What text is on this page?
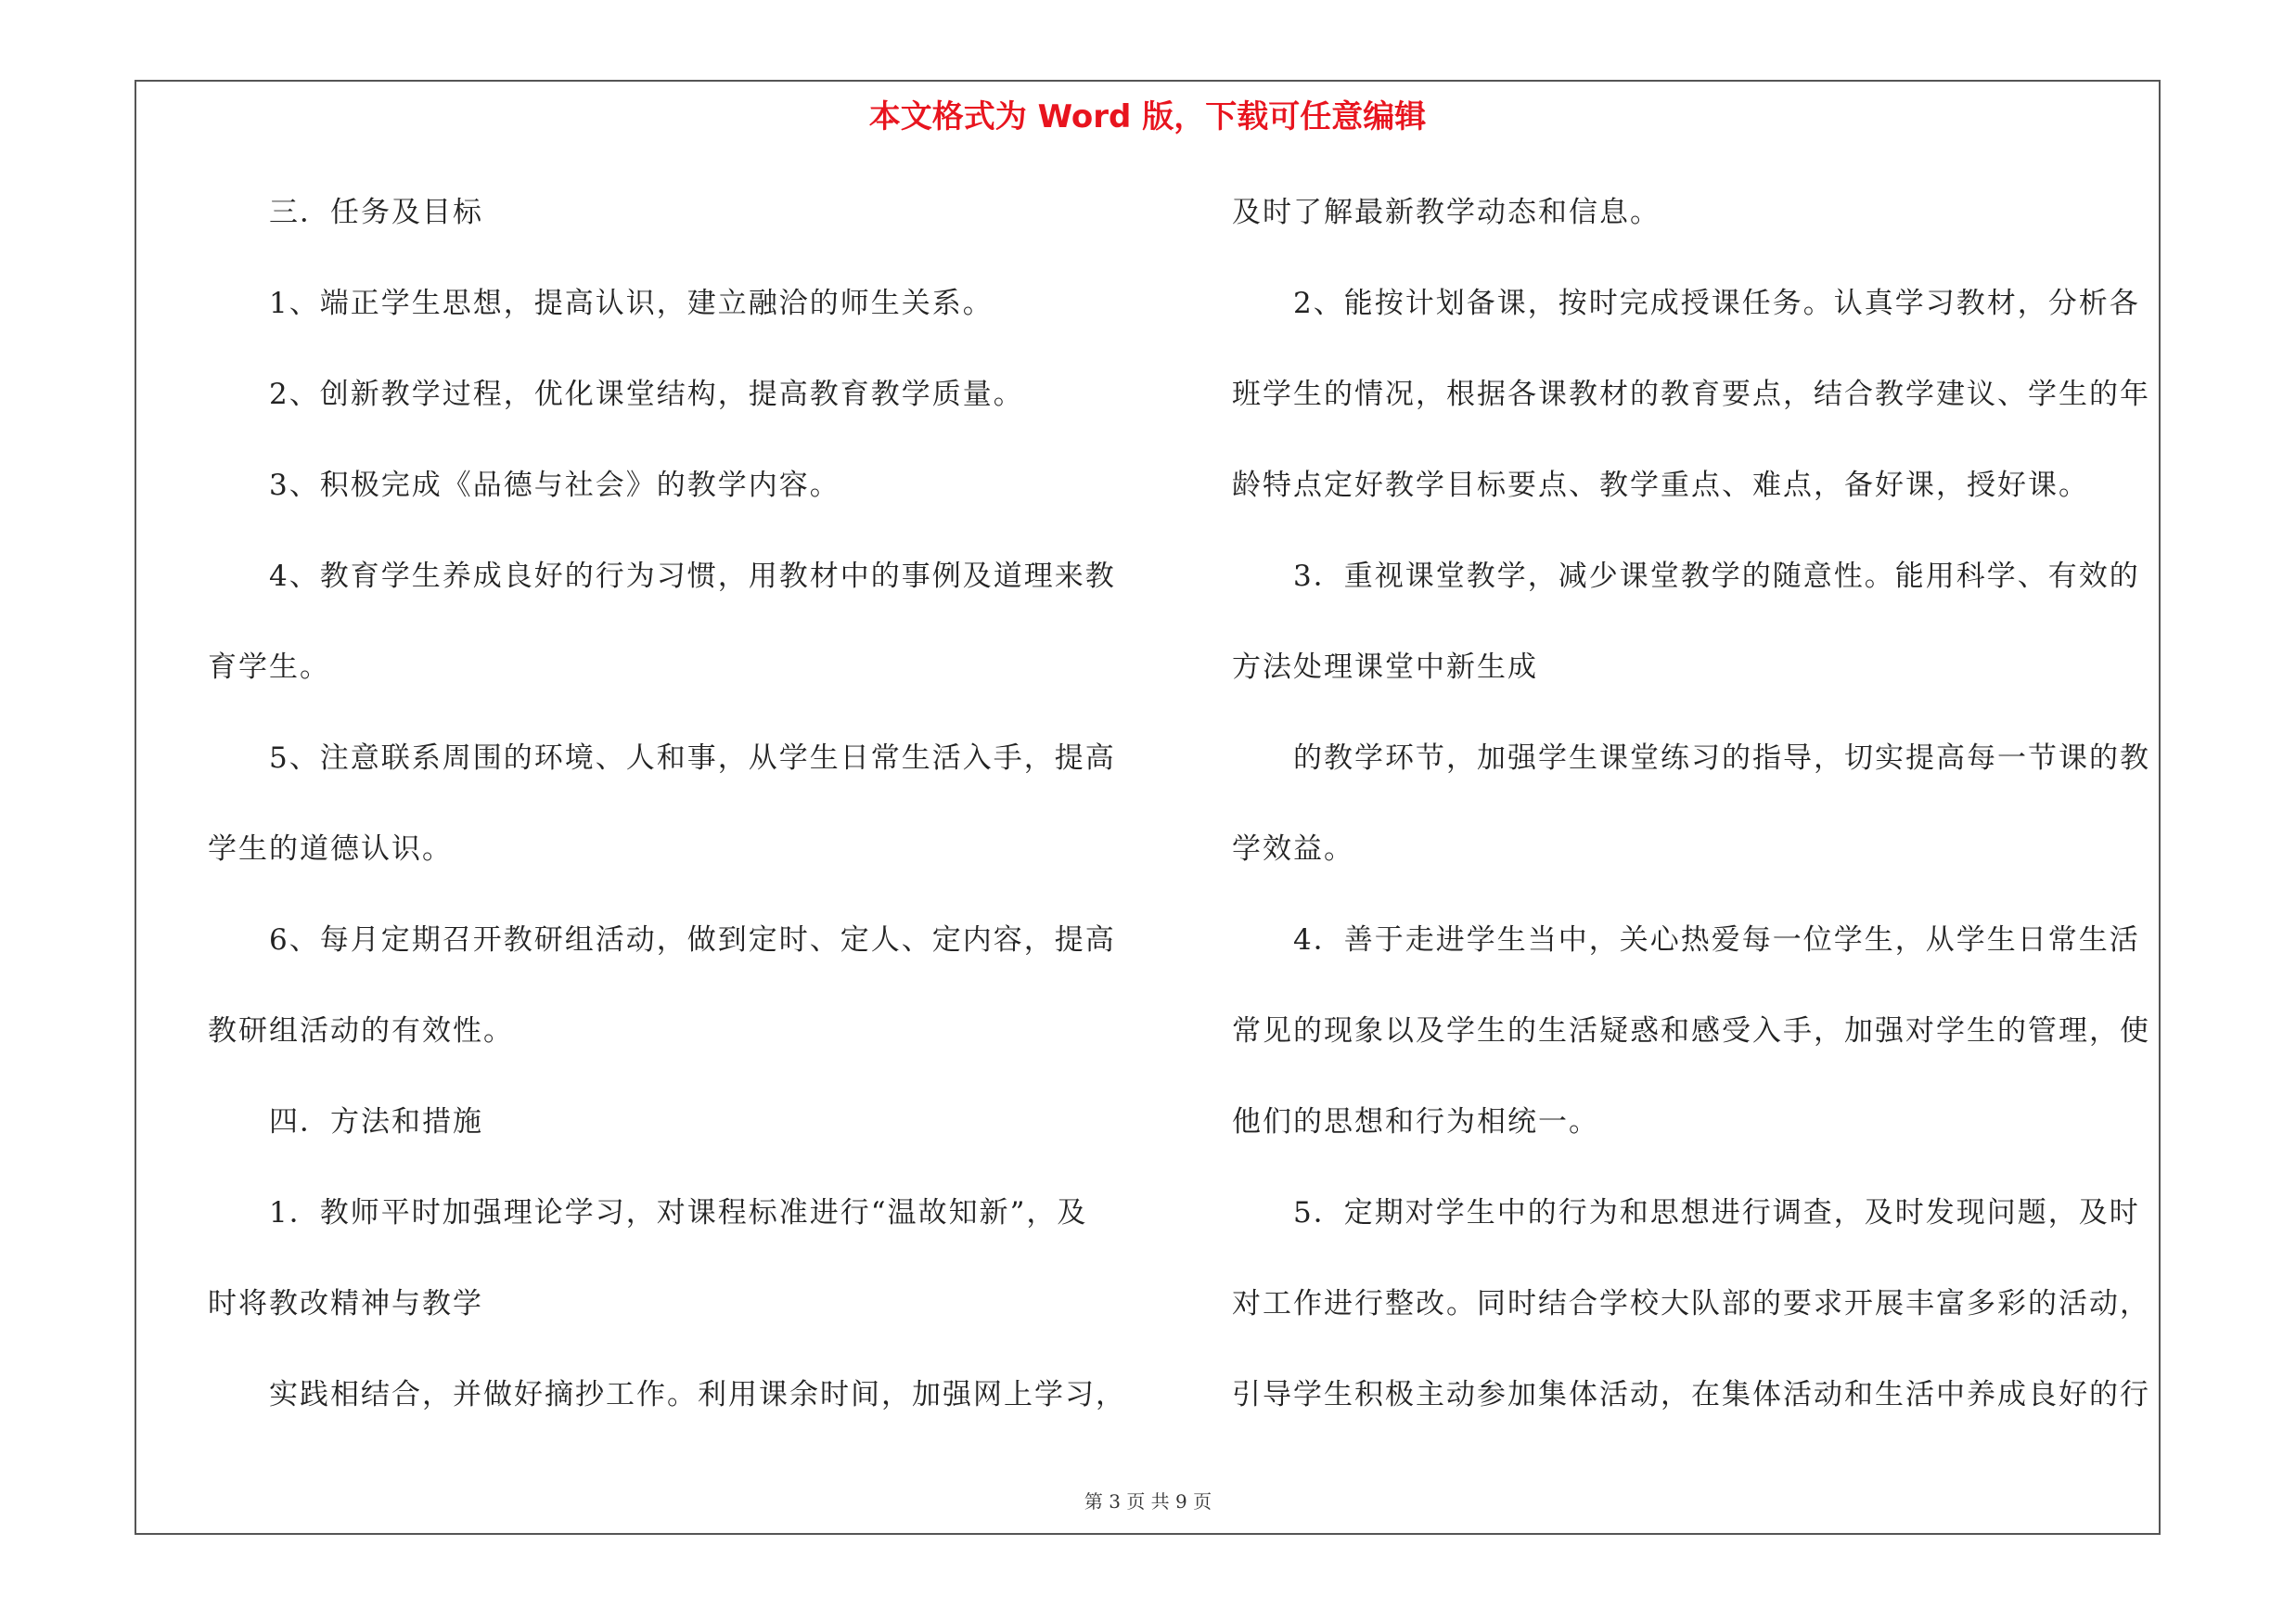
本文格式为 Word 版，下载可任意编辑
　　三．任务及目标
　　1、端正学生思想，提高认识，建立融洽的师生关系。
　　2、创新教学过程，优化课堂结构，提高教育教学质量。
　　3、积极完成《品德与社会》的教学内容。
　　4、教育学生养成良好的行为习惯，用教材中的事例及道理来教
育学生。
　　5、注意联系周围的环境、人和事，从学生日常生活入手，提高
学生的道德认识。
　　6、每月定期召开教研组活动，做到定时、定人、定内容，提高
教研组活动的有效性。
　　四．方法和措施
　　1．教师平时加强理论学习，对课程标准进行“温故知新”，及
时将教改精神与教学
　　实践相结合，并做好摘抄工作。利用课余时间，加强网上学习，
及时了解最新教学动态和信息。
　　2、能按计划备课，按时完成授课任务。认真学习教材，分析各
班学生的情况，根据各课教材的教育要点，结合教学建议、学生的年
龄特点定好教学目标要点、教学重点、难点，备好课，授好课。
　　3．重视课堂教学，减少课堂教学的随意性。能用科学、有效的
方法处理课堂中新生成
　　的教学环节，加强学生课堂练习的指导，切实提高每一节课的教
学效益。
　　4．善于走进学生当中，关心热爱每一位学生，从学生日常生活
常见的现象以及学生的生活疑惑和感受入手，加强对学生的管理，使
他们的思想和行为相统一。
　　5．定期对学生中的行为和思想进行调查，及时发现问题，及时
对工作进行整改。同时结合学校大队部的要求开展丰富多彩的活动，
引导学生积极主动参加集体活动，在集体活动和生活中养成良好的行
第 3 页 共 9 页
